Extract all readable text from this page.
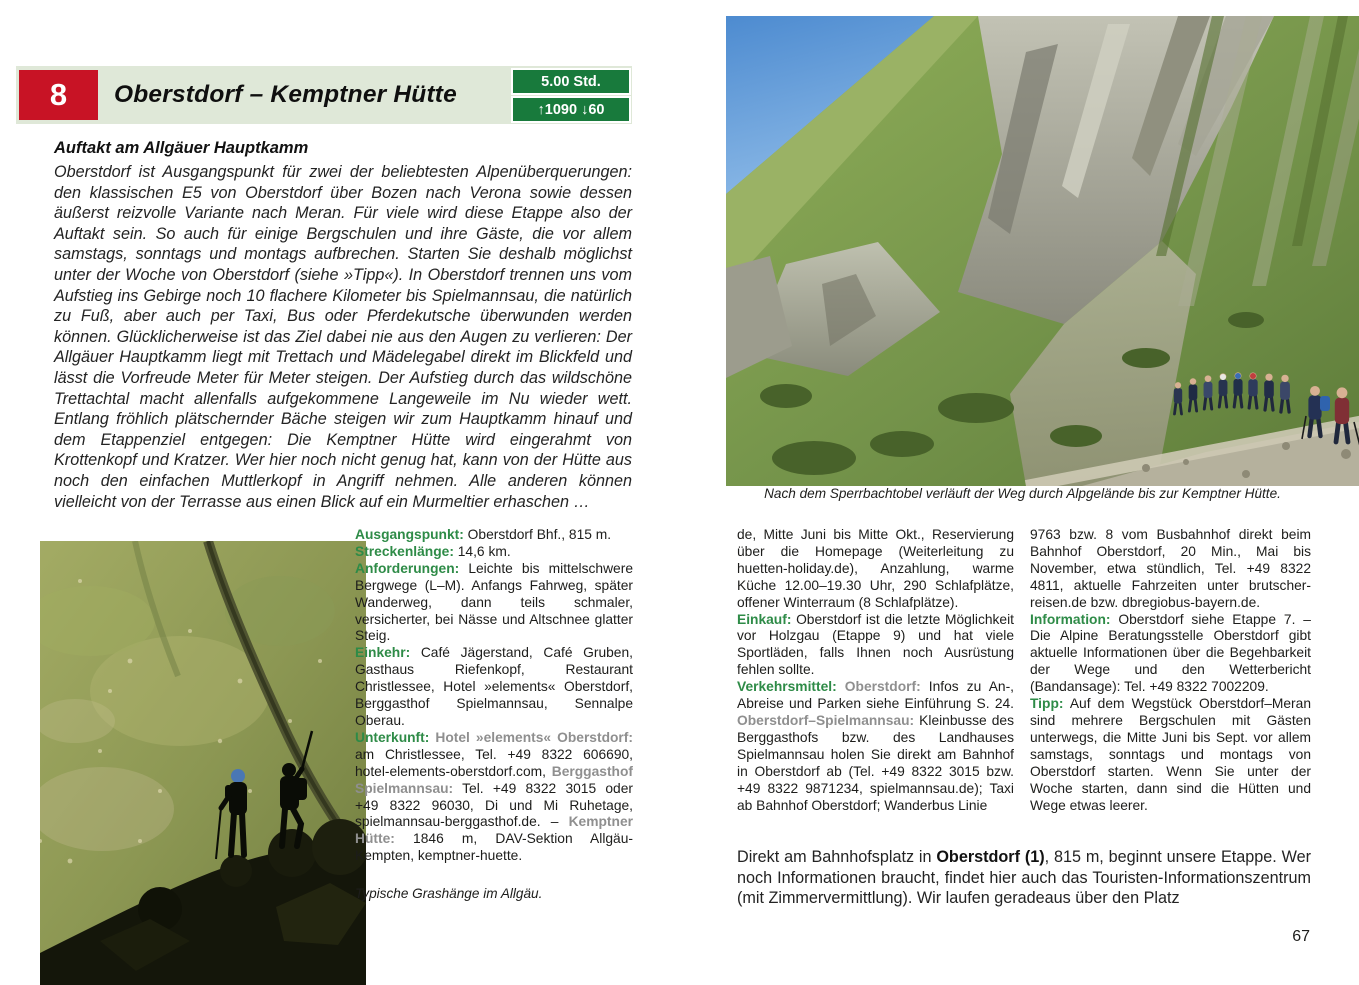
8	Oberstdorf – Kemptner Hütte	5.00 Std.
↑1090 ↓60
Auftakt am Allgäuer Hauptkamm

Oberstdorf ist Ausgangspunkt für zwei der beliebtesten Alpenüberquerungen: den klassischen E5 von Oberstdorf über Bozen nach Verona sowie dessen äußerst reizvolle Variante nach Meran. Für viele wird diese Etappe also der Auftakt sein. So auch für einige Bergschulen und ihre Gäste, die vor allem samstags, sonntags und montags aufbrechen. Starten Sie deshalb möglichst unter der Woche von Oberstdorf (siehe »Tipp«). In Oberstdorf trennen uns vom Aufstieg ins Gebirge noch 10 flachere Kilometer bis Spielmannsau, die natürlich zu Fuß, aber auch per Taxi, Bus oder Pferdekutsche überwunden werden können. Glücklicherweise ist das Ziel dabei nie aus den Augen zu verlieren: Der Allgäuer Hauptkamm liegt mit Trettach und Mädelegabel direkt im Blickfeld und lässt die Vorfreude Meter für Meter steigen. Der Aufstieg durch das wildschöne Trettachtal macht allenfalls aufgekommene Langeweile im Nu wieder wett. Entlang fröhlich plätschernder Bäche steigen wir zum Hauptkamm hinauf und dem Etappenziel entgegen: Die Kemptner Hütte wird eingerahmt von Krottenkopf und Kratzer. Wer hier noch nicht genug hat, kann von der Hütte aus noch den einfachen Muttlerkopf in Angriff nehmen. Alle anderen können vielleicht von der Terrasse aus einen Blick auf ein Murmeltier erhaschen …	Nach dem Sperrbachtobel verläuft der Weg durch Alpgelände bis zur Kemptner Hütte.

Ausgangspunkt: Oberstdorf Bhf., 815 m.

Streckenlänge: 14,6 km.

Anforderungen: Leichte bis mittelschwere Bergwege (L–M). Anfangs Fahrweg, später Wanderweg, dann teils schmaler, versicherter, bei Nässe und Altschnee glatter Steig.

Einkehr: Café Jägerstand, Café Gruben, Gasthaus Riefenkopf, Restaurant Christlessee, Hotel »elements« Oberstdorf, Berggasthof Spielmannsau, Sennalpe Oberau.

Unterkunft: Hotel »elements« Oberstdorf: am Christlessee, Tel. +49 8322 606690, hotel-elements-oberstdorf.com, Berggasthof Spielmannsau: Tel. +49 8322 3015 oder +49 8322 96030, Di und Mi Ruhetage, spielmannsau-berggasthof.de. – Kemptner Hütte: 1846 m, DAV-Sektion Allgäu-Kempten, kemptner-huette.

Typische Grashänge im Allgäu.

de, Mitte Juni bis Mitte Okt., Reservierung über die Homepage (Weiterleitung zu huetten-holiday.de), Anzahlung, warme Küche 12.00–19.30 Uhr, 290 Schlafplätze, offener Winterraum (8 Schlafplätze).

Einkauf: Oberstdorf ist die letzte Möglichkeit vor Holzgau (Etappe 9) und hat viele Sportläden, falls Ihnen noch Ausrüstung fehlen sollte.

Verkehrsmittel: Oberstdorf: Infos zu An-, Abreise und Parken siehe Einführung S. 24. Oberstdorf–Spielmannsau: Kleinbusse des Berggasthofs bzw. des Landhauses Spielmannsau holen Sie direkt am Bahnhof in Oberstdorf ab (Tel. +49 8322 3015 bzw. +49 8322 9871234, spielmannsau.de); Taxi ab Bahnhof Oberstdorf; Wanderbus Linie

9763 bzw. 8 vom Busbahnhof direkt beim Bahnhof Oberstdorf, 20 Min., Mai bis November, etwa stündlich, Tel. +49 8322 4811, aktuelle Fahrzeiten unter brutscher-reisen.de bzw. dbregiobus-bayern.de.

Information: Oberstdorf siehe Etappe 7. – Die Alpine Beratungsstelle Oberstdorf gibt aktuelle Informationen über die Begehbarkeit der Wege und den Wetterbericht (Bandansage): Tel. +49 8322 7002209.

Tipp: Auf dem Wegstück Oberstdorf–Meran sind mehrere Bergschulen mit Gästen unterwegs, die Mitte Juni bis Sept. vor allem samstags, sonntags und montags von Oberstdorf starten. Wenn Sie unter der Woche starten, dann sind die Hütten und Wege etwas leerer.

Direkt am Bahnhofsplatz in Oberstdorf (1), 815 m, beginnt unsere Etappe. Wer noch Informationen braucht, findet hier auch das Touristen-Informationszentrum (mit Zimmervermittlung). Wir laufen geradeaus über den Platz

67
